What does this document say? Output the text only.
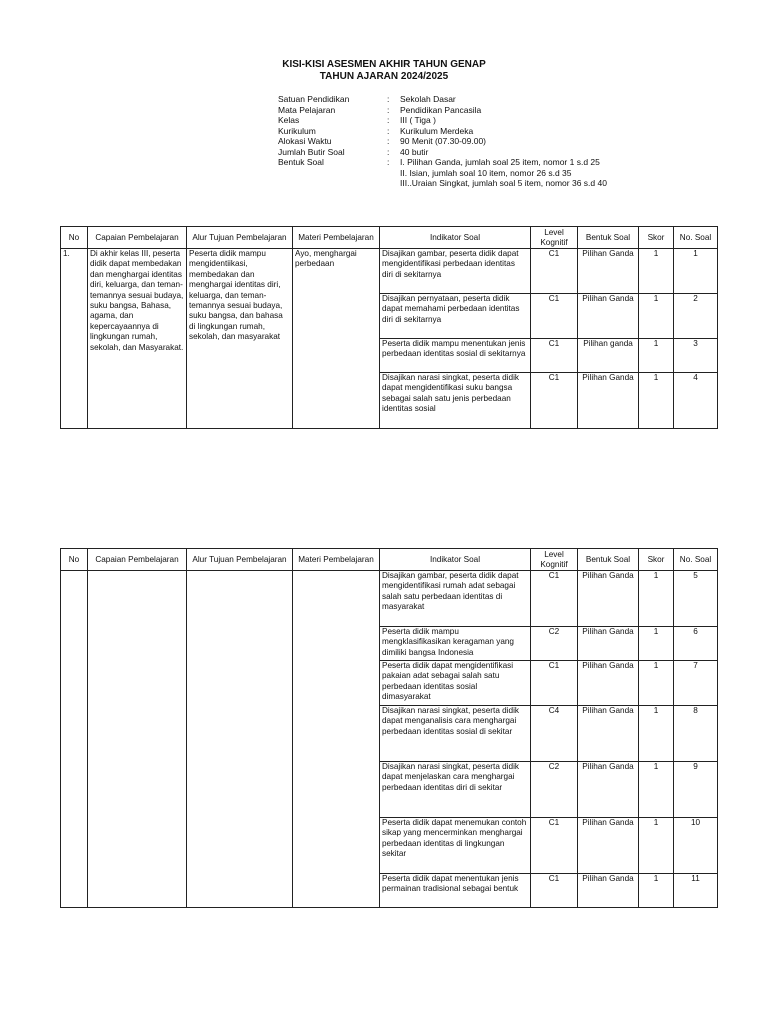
KISI-KISI ASESMEN AKHIR TAHUN GENAP
TAHUN AJARAN 2024/2025
Satuan Pendidikan	:	Sekolah Dasar
Mata Pelajaran	:	Pendidikan Pancasila
Kelas	:	III ( Tiga )
Kurikulum	:	Kurikulum Merdeka
Alokasi Waktu	:	90 Menit (07.30-09.00)
Jumlah Butir Soal	:	40 butir
Bentuk Soal	:	I. Pilihan Ganda, jumlah soal 25 item, nomor 1 s.d 25
II. Isian, jumlah soal 10 item, nomor 26 s.d 35
III..Uraian Singkat, jumlah soal 5 item, nomor 36 s.d 40
No	Capaian Pembelajaran	Alur Tujuan Pembelajaran	Materi Pembelajaran	Indikator Soal	Level Kognitif	Bentuk Soal	Skor	No. Soal
1.	Di akhir kelas III, peserta didik dapat membedakan dan menghargai identitas diri, keluarga, dan teman-temannya sesuai budaya, suku bangsa, Bahasa, agama, dan kepercayaannya di lingkungan rumah, sekolah, dan Masyarakat.	Peserta didik mampu mengidentiikasi, membedakan dan menghargai identitas diri, keluarga, dan teman-temannya sesuai budaya, suku bangsa, dan bahasa di lingkungan rumah, sekolah, dan masyarakat	Ayo, menghargai perbedaan	Disajikan gambar, peserta didik dapat mengidentifikasi perbedaan identitas diri di sekitarnya	C1	Pilihan Ganda	1	1
				Disajikan pernyataan, peserta didik dapat memahami perbedaan identitas diri di sekitarnya	C1	Pilihan Ganda	1	2
				Peserta didik mampu menentukan jenis perbedaan identitas sosial di sekitarnya	C1	Pilihan ganda	1	3
				Disajikan narasi singkat, peserta didik dapat mengidentifikasi suku bangsa sebagai salah satu jenis perbedaan identitas sosial	C1	Pilihan Ganda	1	4
No	Capaian Pembelajaran	Alur Tujuan Pembelajaran	Materi Pembelajaran	Indikator Soal	Level Kognitif	Bentuk Soal	Skor	No. Soal
				Disajikan gambar, peserta didik dapat mengidentifikasi rumah adat sebagai salah satu perbedaan identitas di masyarakat	C1	Pilihan Ganda	1	5
				Peserta didik mampu mengklasifikasikan keragaman yang dimiliki bangsa Indonesia	C2	Pilihan Ganda	1	6
				Peserta didik dapat mengidentifikasi pakaian adat sebagai salah satu perbedaan identitas sosial dimasyarakat	C1	Pilihan Ganda	1	7
				Disajikan narasi singkat, peserta didik dapat menganalisis cara menghargai perbedaan identitas sosial di sekitar	C4	Pilihan Ganda	1	8
				Disajikan narasi singkat, peserta didik dapat menjelaskan cara menghargai perbedaan identitas diri di sekitar	C2	Pilihan Ganda	1	9
				Peserta didik dapat menemukan contoh sikap yang mencerminkan menghargai perbedaan identitas di lingkungan sekitar	C1	Pilihan Ganda	1	10
				Peserta didik dapat menentukan jenis permainan tradisional sebagai bentuk	C1	Pilihan Ganda	1	11
